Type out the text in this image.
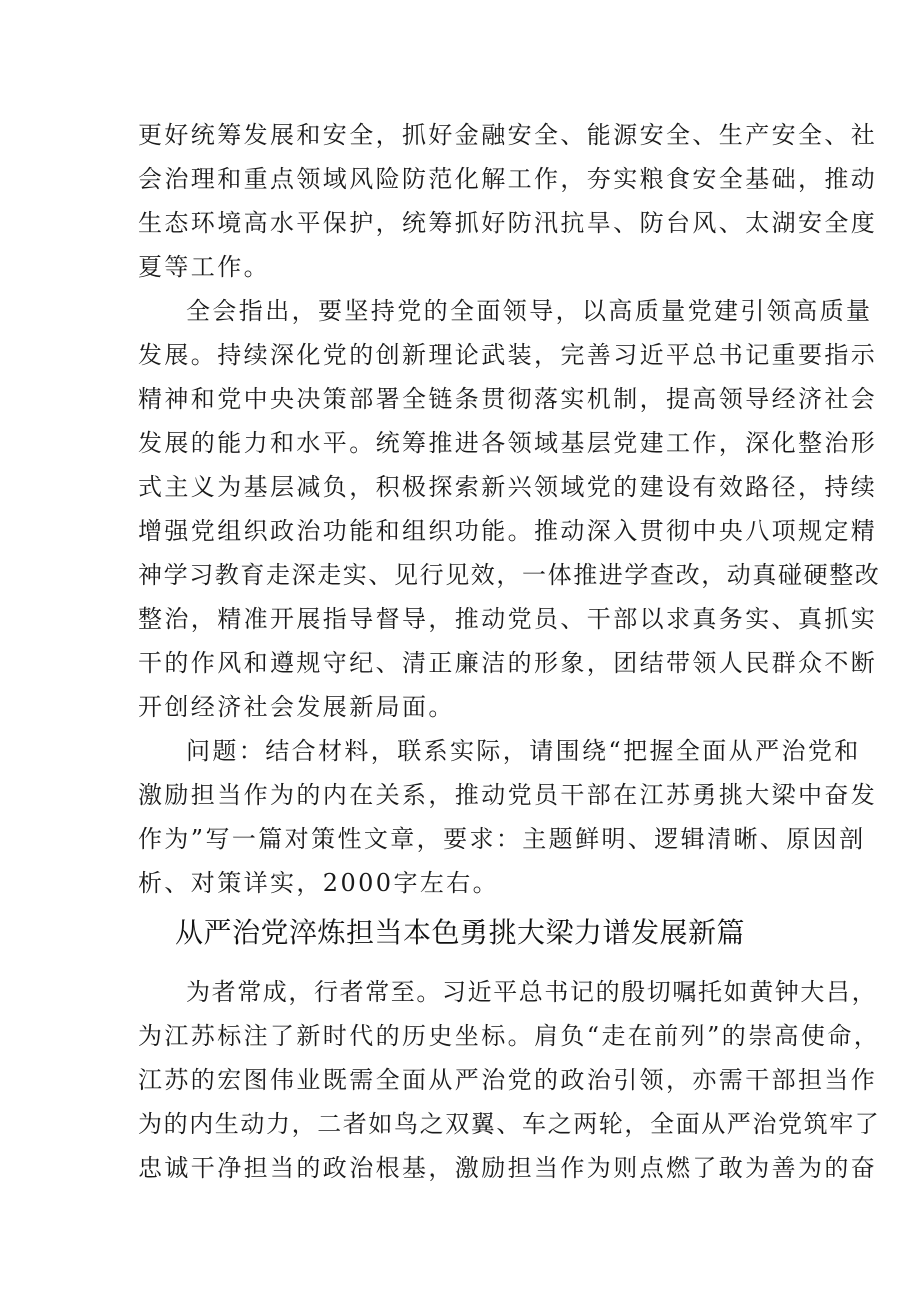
更好统筹发展和安全，抓好金融安全、能源安全、生产安全、社
会治理和重点领域风险防范化解工作，夯实粮食安全基础，推动
生态环境高水平保护，统筹抓好防汛抗旱、防台风、太湖安全度
夏等工作。
全会指出，要坚持党的全面领导，以高质量党建引领高质量
发展。持续深化党的创新理论武装，完善习近平总书记重要指示
精神和党中央决策部署全链条贯彻落实机制，提高领导经济社会
发展的能力和水平。统筹推进各领域基层党建工作，深化整治形
式主义为基层减负，积极探索新兴领域党的建设有效路径，持续
增强党组织政治功能和组织功能。推动深入贯彻中央八项规定精
神学习教育走深走实、见行见效，一体推进学查改，动真碰硬整改
整治，精准开展指导督导，推动党员、干部以求真务实、真抓实
干的作风和遵规守纪、清正廉洁的形象，团结带领人民群众不断
开创经济社会发展新局面。
问题：结合材料，联系实际，请围绕“把握全面从严治党和
激励担当作为的内在关系，推动党员干部在江苏勇挑大梁中奋发
作为”写一篇对策性文章，要求：主题鲜明、逻辑清晰、原因剖
析、对策详实，2000字左右。
从严治党淬炼担当本色勇挑大梁力谱发展新篇
为者常成，行者常至。习近平总书记的殷切嘱托如黄钟大吕，
为江苏标注了新时代的历史坐标。肩负“走在前列”的崇高使命，
江苏的宏图伟业既需全面从严治党的政治引领，亦需干部担当作
为的内生动力，二者如鸟之双翼、车之两轮，全面从严治党筑牢了
忠诚干净担当的政治根基，激励担当作为则点燃了敢为善为的奋
